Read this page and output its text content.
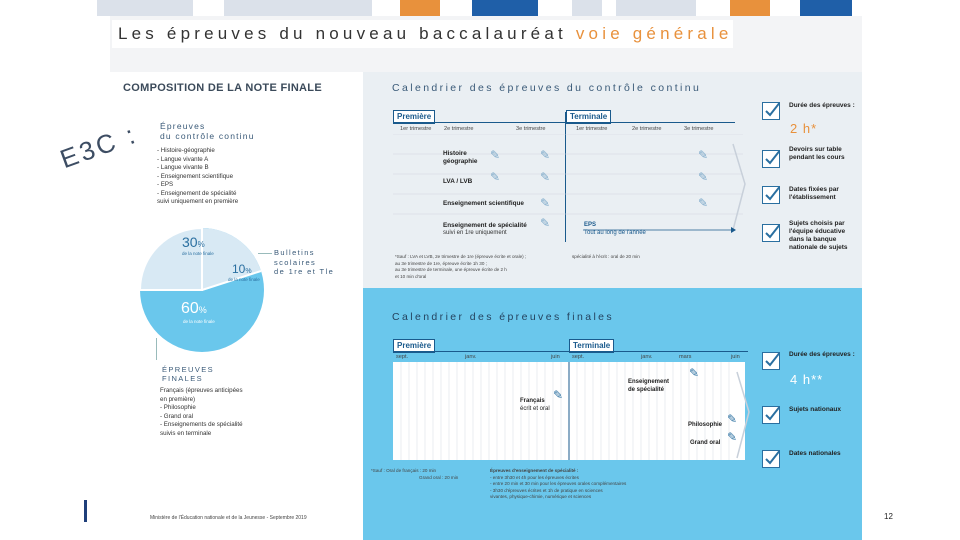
Les épreuves du nouveau baccalauréat voie générale
E3C :
COMPOSITION DE LA NOTE FINALE
Épreuves
du contrôle continu
- Histoire-géographie
- Langue vivante A
- Langue vivante B
- Enseignement scientifique
- EPS
- Enseignement de spécialité
suivi uniquement en première
30%
de la note finale
10%
de la note finale
60%
de la note finale
Bulletins
scolaires
de 1re et Tle
ÉPREUVES
FINALES
Français (épreuves anticipées
en première)
- Philosophie
- Grand oral
- Enseignements de spécialité
suivis en terminale
Calendrier des épreuves du contrôle continu
Première	Terminale
1er trimestre 2e trimestre	3e trimestre	1er trimestre	2e trimestre	3e trimestre
Histoire
géographie
LVA / LVB
Enseignement scientifique
Enseignement de spécialité
suivi en 1re uniquement
EPS
Tout au long de l'année
✎	✎
✎	✎
✎
✎
✎
✎
✎
*Sauf : LVA et LVB, 2e trimestre de 1re (épreuve écrite et orale) ;
au 3e trimestre de 1re, épreuve écrite 1h 30 ;
au 3e trimestre de terminale, une épreuve écrite de 2 h
et 10 min d'oral
spécialité à l'écrit : oral de 20 min
Durée des épreuves :
2 h*
Devoirs sur table pendant les cours
Dates fixées par l'établissement
Sujets choisis par l'équipe éducative dans la banque nationale de sujets
Calendrier des épreuves finales
Première	Terminale
sept.	janv.	juin sept.	janv.	mars	juin
Français
écrit et oral
Enseignement
de spécialité
Philosophie
Grand oral
✎
✎
✎
✎
*Sauf : Oral de français : 20 min
Grand oral : 20 min
Épreuves d'enseignement de spécialité :
- entre 3h30 et 4h pour les épreuves écrites
- entre 20 min et 30 min pour les épreuves orales complémentaires
- 3h30 d'épreuves écrites et 1h de pratique en sciences
vivantes, physique-chimie, numérique et sciences
Durée des épreuves :
4 h**
Sujets nationaux
Dates nationales
Ministère de l'Éducation nationale et de la Jeunesse - Septembre 2019	12
